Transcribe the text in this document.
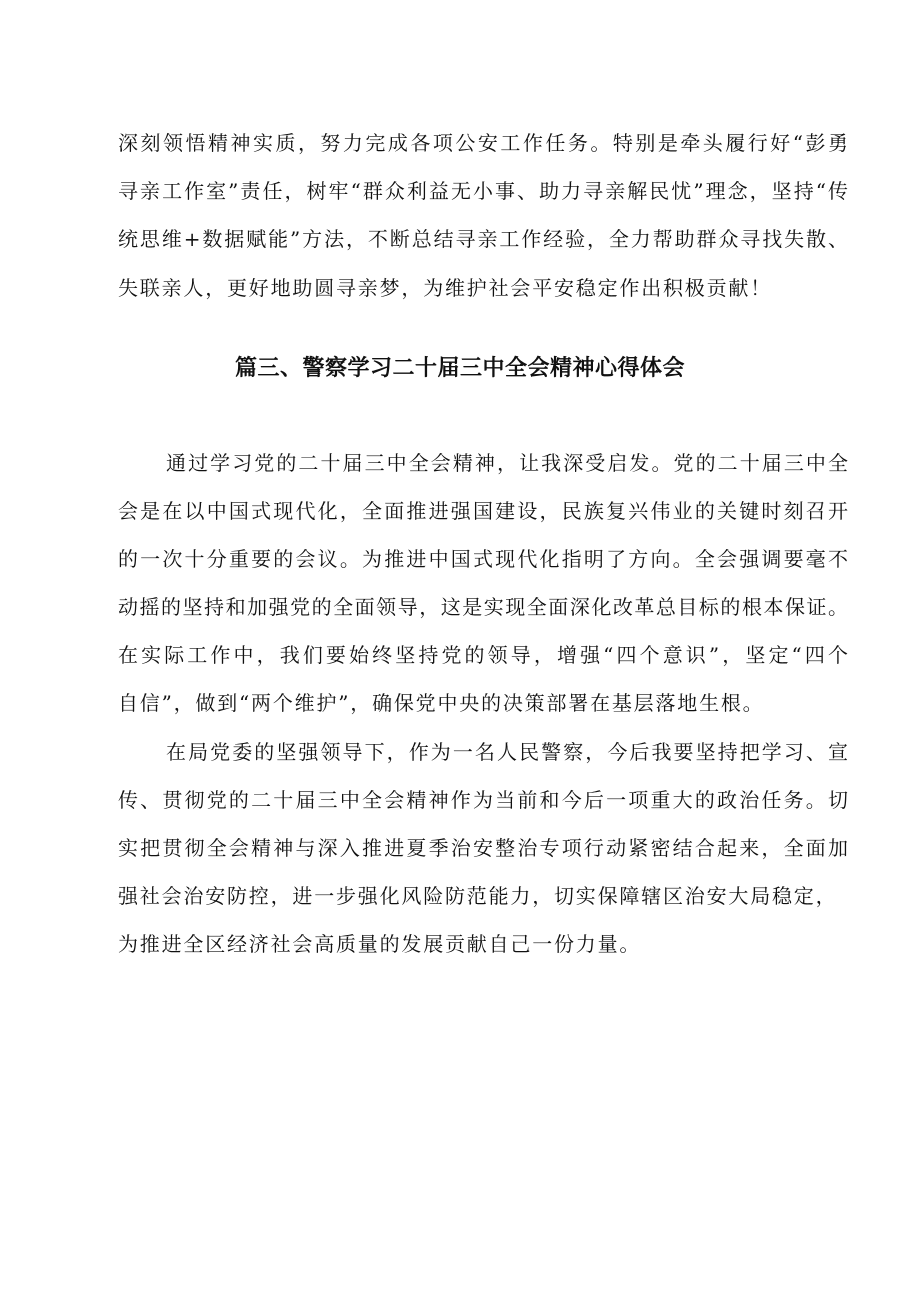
深刻领悟精神实质，努力完成各项公安工作任务。特别是牵头履行好“彭勇
寻亲工作室”责任，树牢“群众利益无小事、助力寻亲解民忧”理念，坚持“传
统思维+数据赋能”方法，不断总结寻亲工作经验，全力帮助群众寻找失散、
失联亲人，更好地助圆寻亲梦，为维护社会平安稳定作出积极贡献！
篇三、警察学习二十届三中全会精神心得体会
通过学习党的二十届三中全会精神，让我深受启发。党的二十届三中全
会是在以中国式现代化，全面推进强国建设，民族复兴伟业的关键时刻召开
的一次十分重要的会议。为推进中国式现代化指明了方向。全会强调要毫不
动摇的坚持和加强党的全面领导，这是实现全面深化改革总目标的根本保证。
在实际工作中，我们要始终坚持党的领导，增强“四个意识”，坚定“四个
自信”，做到“两个维护”，确保党中央的决策部署在基层落地生根。
在局党委的坚强领导下，作为一名人民警察，今后我要坚持把学习、宣
传、贯彻党的二十届三中全会精神作为当前和今后一项重大的政治任务。切
实把贯彻全会精神与深入推进夏季治安整治专项行动紧密结合起来，全面加
强社会治安防控，进一步强化风险防范能力，切实保障辖区治安大局稳定，
为推进全区经济社会高质量的发展贡献自己一份力量。
